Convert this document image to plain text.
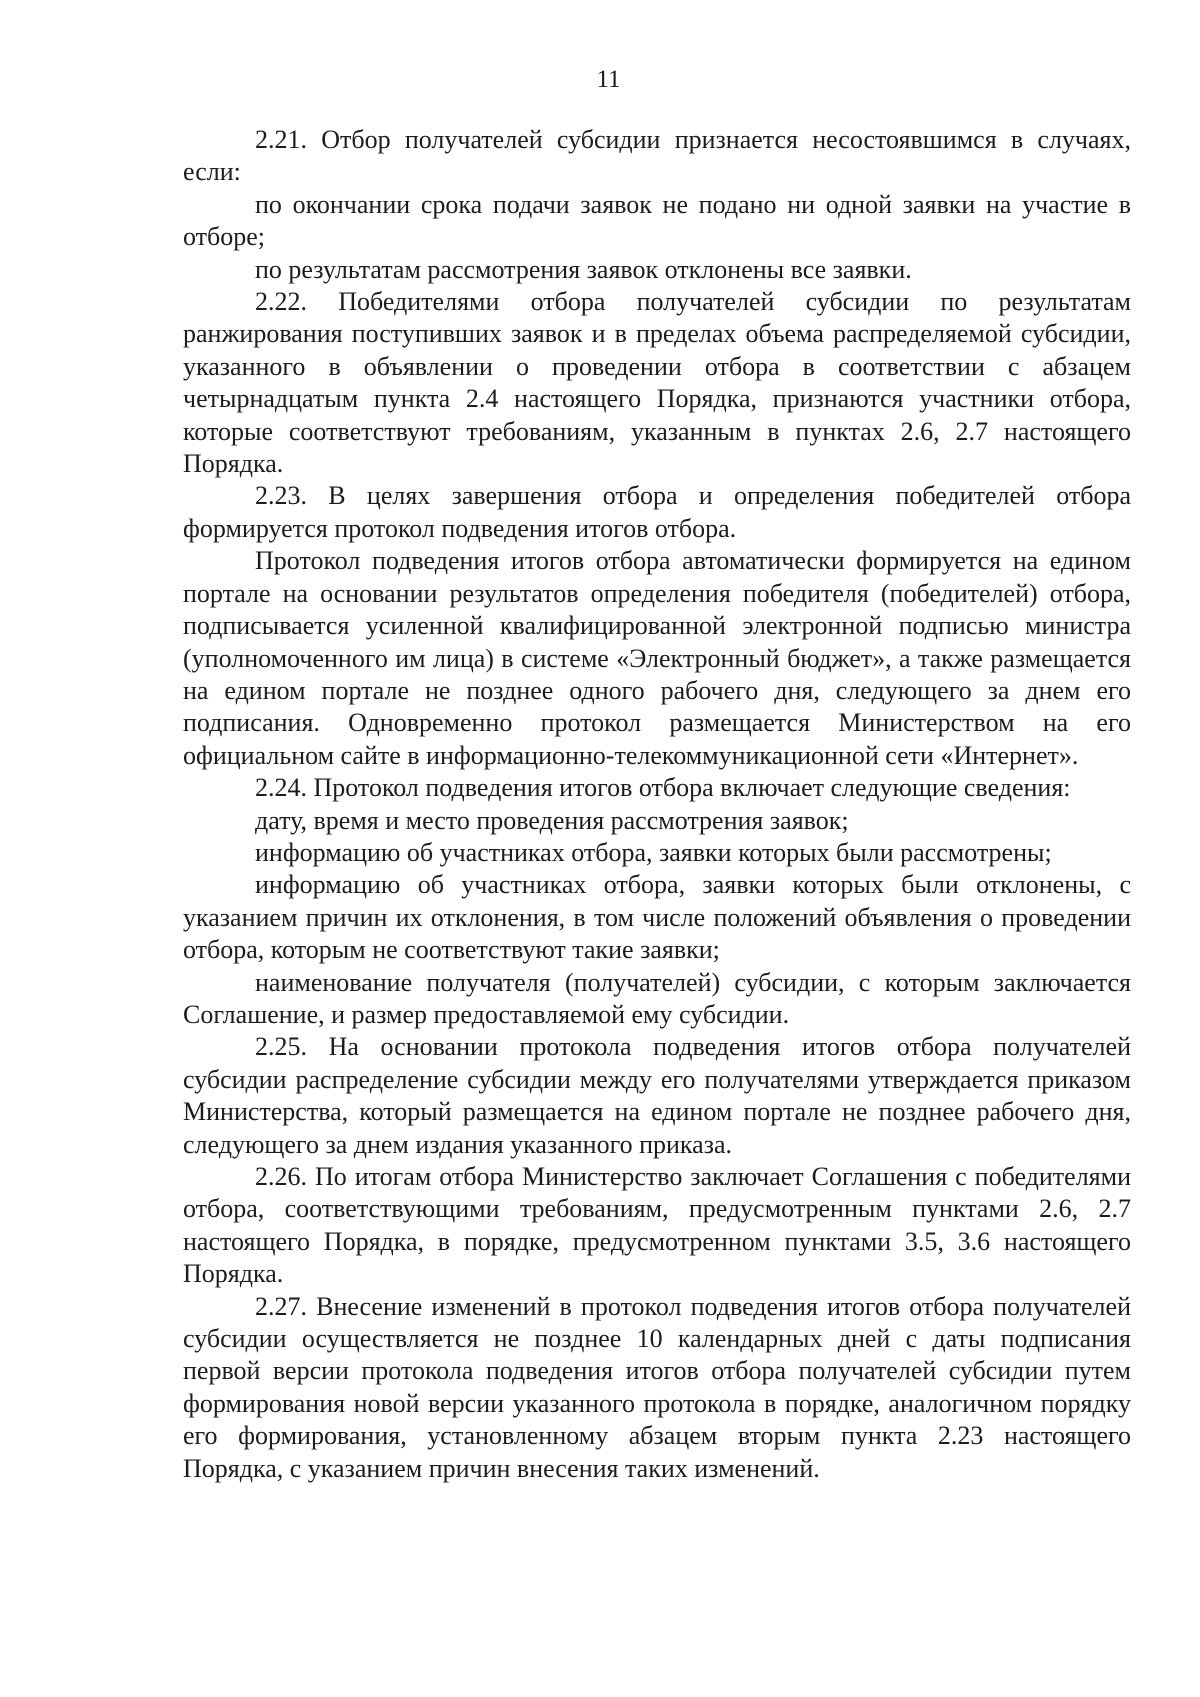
11

2.21. Отбор получателей субсидии признается несостоявшимся в случаях, если:

по окончании срока подачи заявок не подано ни одной заявки на участие в отборе;

по результатам рассмотрения заявок отклонены все заявки.

2.22. Победителями отбора получателей субсидии по результатам ранжирования поступивших заявок и в пределах объема распределяемой субсидии, указанного в объявлении о проведении отбора в соответствии с абзацем четырнадцатым пункта 2.4 настоящего Порядка, признаются участники отбора, которые соответствуют требованиям, указанным в пунктах 2.6, 2.7 настоящего Порядка.

2.23. В целях завершения отбора и определения победителей отбора формируется протокол подведения итогов отбора.

Протокол подведения итогов отбора автоматически формируется на едином портале на основании результатов определения победителя (победителей) отбора, подписывается усиленной квалифицированной электронной подписью министра (уполномоченного им лица) в системе «Электронный бюджет», а также размещается на едином портале не позднее одного рабочего дня, следующего за днем его подписания. Одновременно протокол размещается Министерством на его официальном сайте в информационно-телекоммуникационной сети «Интернет».

2.24. Протокол подведения итогов отбора включает следующие сведения:

дату, время и место проведения рассмотрения заявок;

информацию об участниках отбора, заявки которых были рассмотрены;

информацию об участниках отбора, заявки которых были отклонены, с указанием причин их отклонения, в том числе положений объявления о проведении отбора, которым не соответствуют такие заявки;

наименование получателя (получателей) субсидии, с которым заключается Соглашение, и размер предоставляемой ему субсидии.

2.25. На основании протокола подведения итогов отбора получателей субсидии распределение субсидии между его получателями утверждается приказом Министерства, который размещается на едином портале не позднее рабочего дня, следующего за днем издания указанного приказа.

2.26. По итогам отбора Министерство заключает Соглашения с победителями отбора, соответствующими требованиям, предусмотренным пунктами 2.6, 2.7 настоящего Порядка, в порядке, предусмотренном пунктами 3.5, 3.6 настоящего Порядка.

2.27. Внесение изменений в протокол подведения итогов отбора получателей субсидии осуществляется не позднее 10 календарных дней с даты подписания первой версии протокола подведения итогов отбора получателей субсидии путем формирования новой версии указанного протокола в порядке, аналогичном порядку его формирования, установленному абзацем вторым пункта 2.23 настоящего Порядка, с указанием причин внесения таких изменений.
